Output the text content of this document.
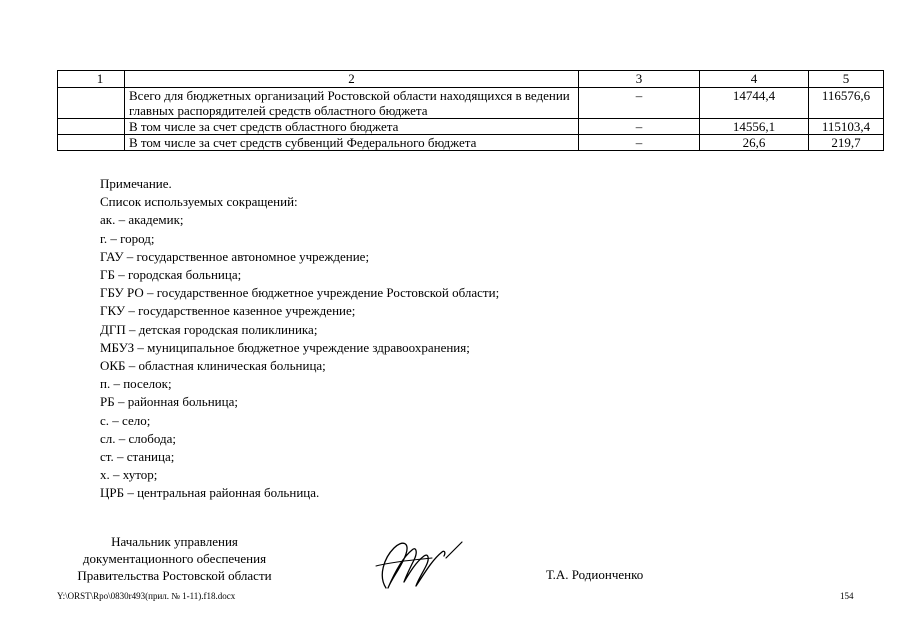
1	2	3	4	5
	Всего для бюджетных организаций Ростовской области находящихся в ведении главных распорядителей средств областного бюджета	–	14744,4	116576,6
	В том числе за счет средств областного бюджета	–	14556,1	115103,4
	В том числе за счет средств субвенций Федерального бюджета	–	26,6	219,7
Примечание.
Список используемых сокращений:
ак. – академик;
г. – город;
ГАУ – государственное автономное учреждение;
ГБ – городская больница;
ГБУ РО – государственное бюджетное учреждение Ростовской области;
ГКУ – государственное казенное учреждение;
ДГП – детская городская поликлиника;
МБУЗ – муниципальное бюджетное учреждение здравоохранения;
ОКБ – областная клиническая больница;
п. – поселок;
РБ – районная больница;
с. – село;
сл. – слобода;
ст. – станица;
х. – хутор;
ЦРБ – центральная районная больница.
Начальник управления
документационного обеспечения
Правительства Ростовской области	Т.А. Родионченко
Y:\ORST\Rpo\0830r493(прил. № 1-11).f18.docx	154
